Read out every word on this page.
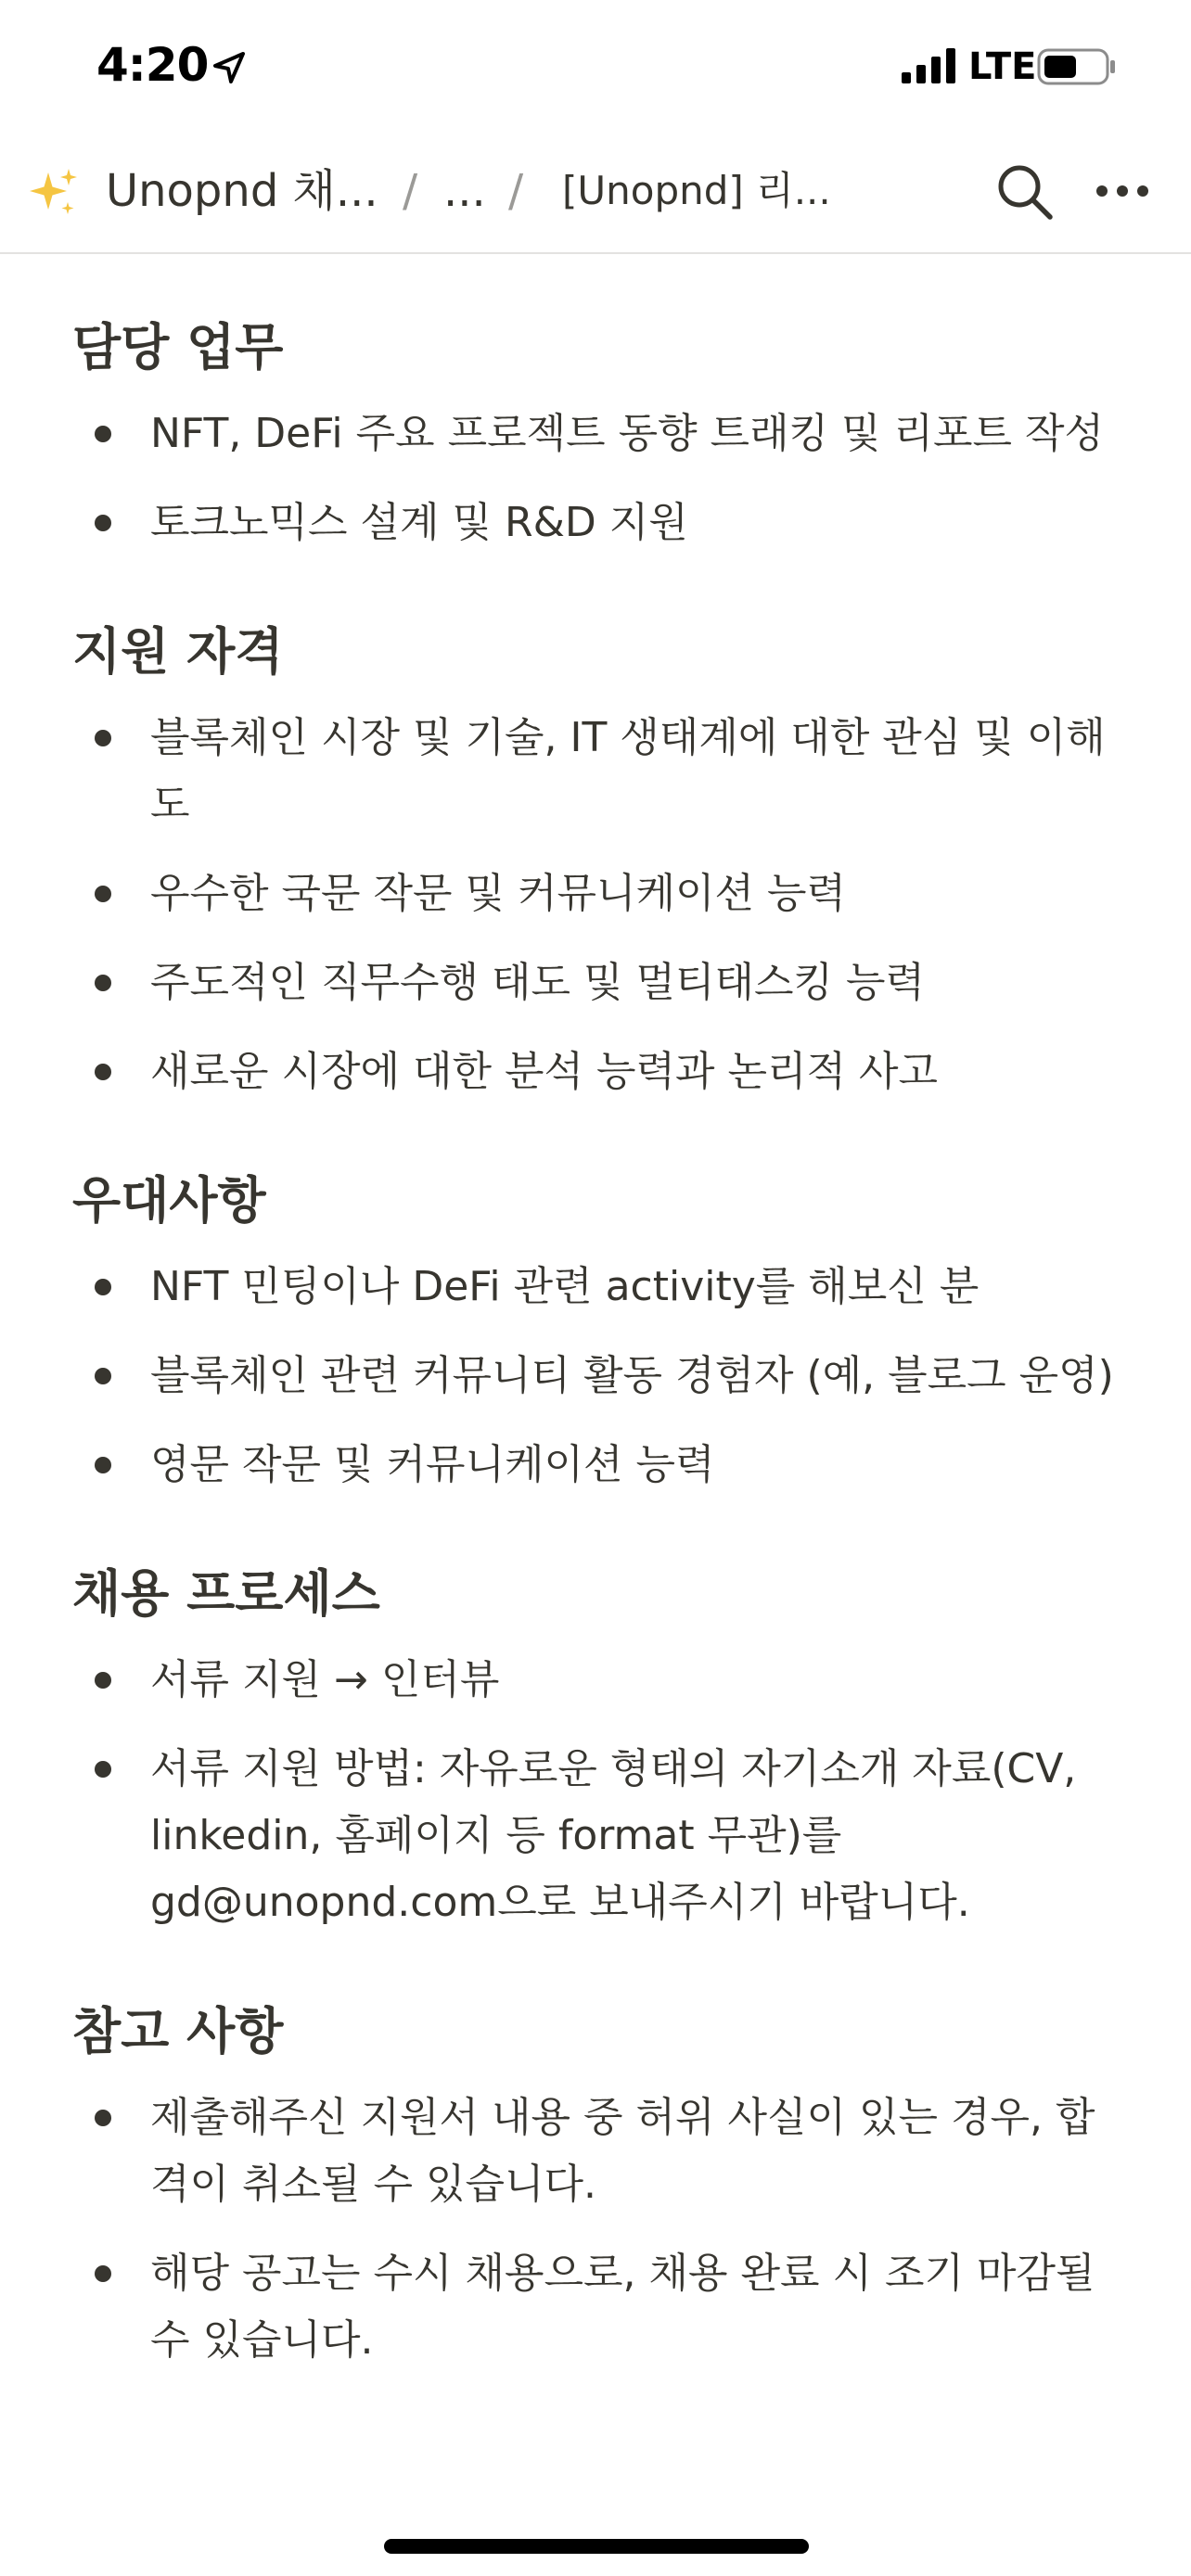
4:20	LTE
Unopnd 채... / ... / [Unopnd] 리...
담당 업무
NFT, DeFi 주요 프로젝트 동향 트래킹 및 리포트 작성
토크노믹스 설계 및 R&D 지원
지원 자격
블록체인 시장 및 기술, IT 생태계에 대한 관심 및 이해도
우수한 국문 작문 및 커뮤니케이션 능력
주도적인 직무수행 태도 및 멀티태스킹 능력
새로운 시장에 대한 분석 능력과 논리적 사고
우대사항
NFT 민팅이나 DeFi 관련 activity를 해보신 분
블록체인 관련 커뮤니티 활동 경험자 (예, 블로그 운영)
영문 작문 및 커뮤니케이션 능력
채용 프로세스
서류 지원 → 인터뷰
서류 지원 방법: 자유로운 형태의 자기소개 자료(CV, linkedin, 홈페이지 등 format 무관)를 gd@unopnd.com으로 보내주시기 바랍니다.
참고 사항
제출해주신 지원서 내용 중 허위 사실이 있는 경우, 합격이 취소될 수 있습니다.
해당 공고는 수시 채용으로, 채용 완료 시 조기 마감될 수 있습니다.
